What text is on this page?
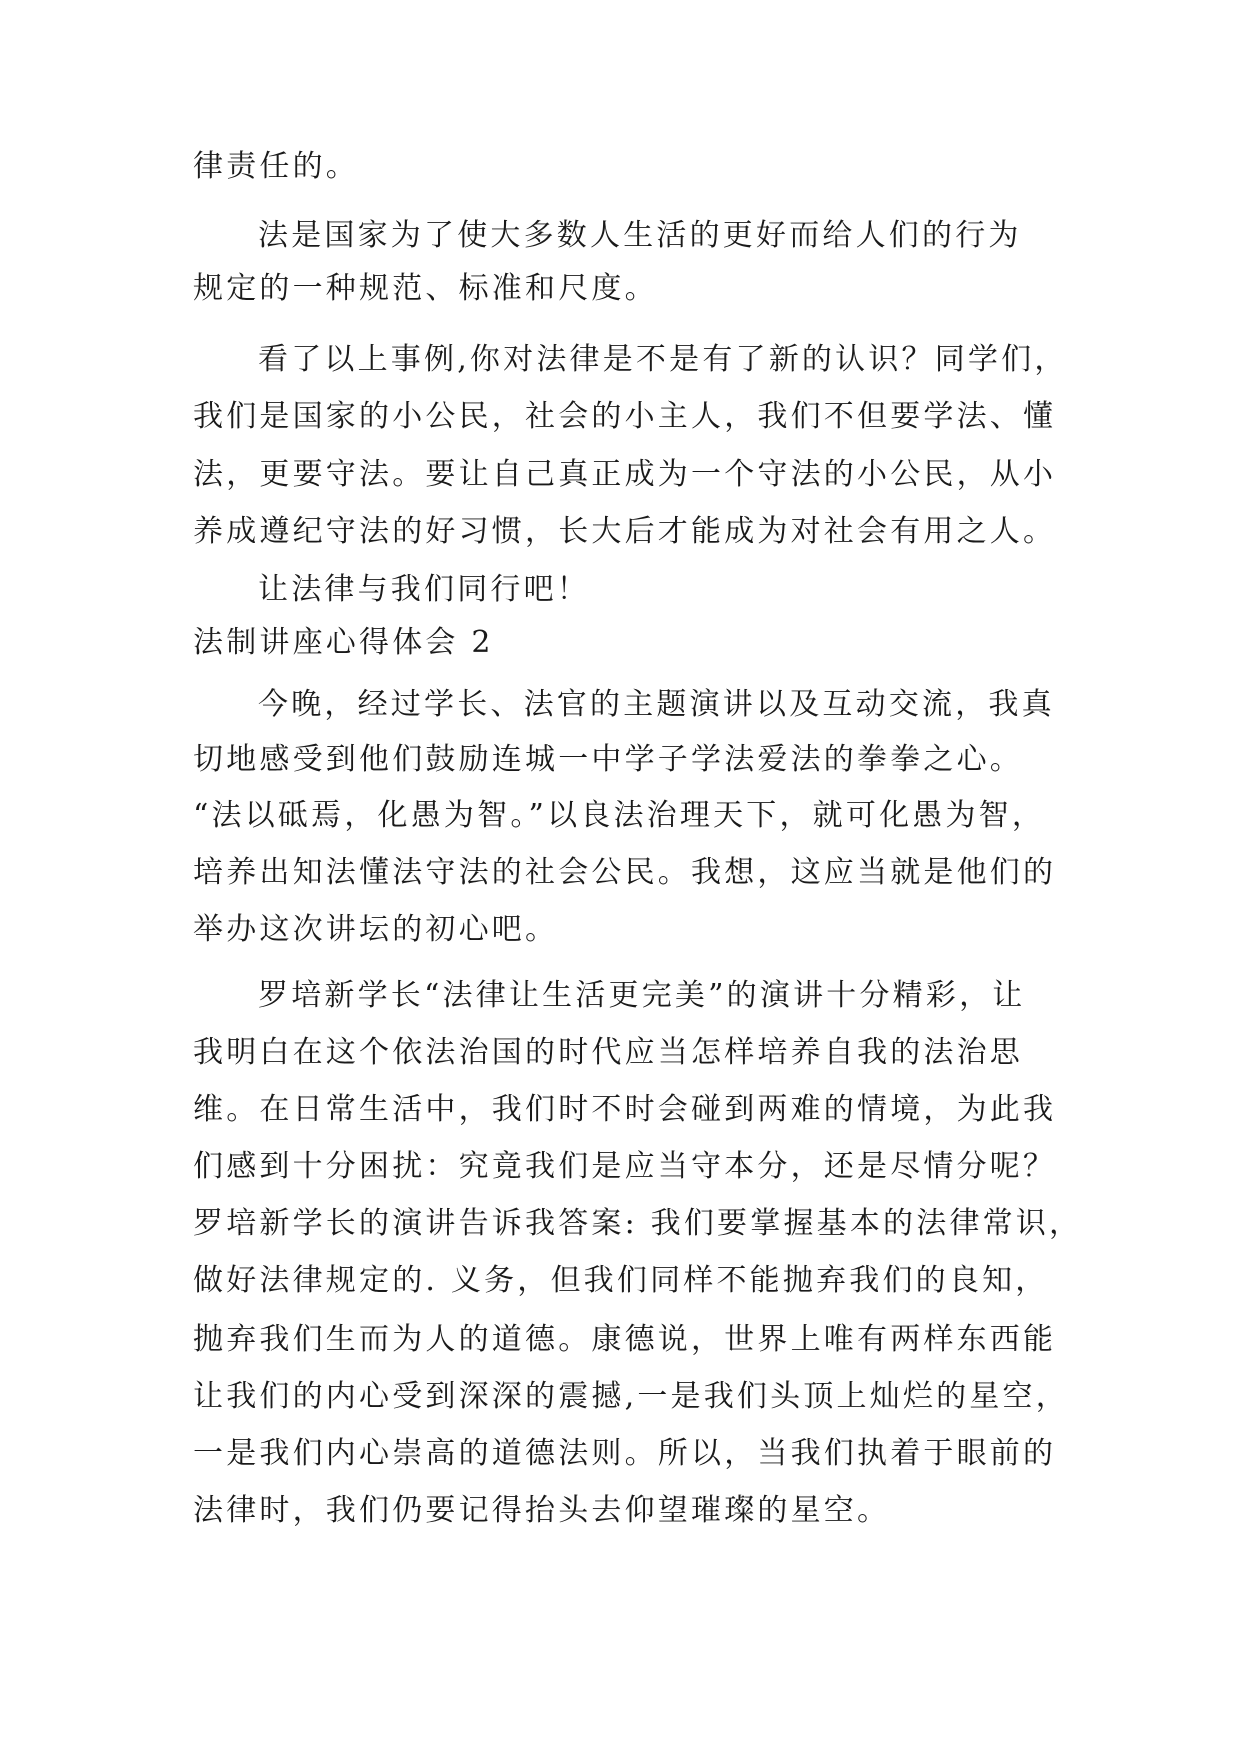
律责任的。
法是国家为了使大多数人生活的更好而给人们的行为
规定的一种规范、标准和尺度。
看了以上事例,你对法律是不是有了新的认识？同学们，
我们是国家的小公民，社会的小主人，我们不但要学法、懂
法，更要守法。要让自己真正成为一个守法的小公民，从小
养成遵纪守法的好习惯，长大后才能成为对社会有用之人。
让法律与我们同行吧！
法制讲座心得体会 2
今晚，经过学长、法官的主题演讲以及互动交流，我真
切地感受到他们鼓励连城一中学子学法爱法的拳拳之心。
“法以砥焉，化愚为智。”以良法治理天下，就可化愚为智，
培养出知法懂法守法的社会公民。我想，这应当就是他们的
举办这次讲坛的初心吧。
罗培新学长“法律让生活更完美”的演讲十分精彩，让
我明白在这个依法治国的时代应当怎样培养自我的法治思
维。在日常生活中，我们时不时会碰到两难的情境，为此我
们感到十分困扰：究竟我们是应当守本分，还是尽情分呢？
罗培新学长的演讲告诉我答案: 我们要掌握基本的法律常识，
做好法律规定的. 义务，但我们同样不能抛弃我们的良知，
抛弃我们生而为人的道德。康德说，世界上唯有两样东西能
让我们的内心受到深深的震撼,一是我们头顶上灿烂的星空，
一是我们内心崇高的道德法则。所以，当我们执着于眼前的
法律时，我们仍要记得抬头去仰望璀璨的星空。
